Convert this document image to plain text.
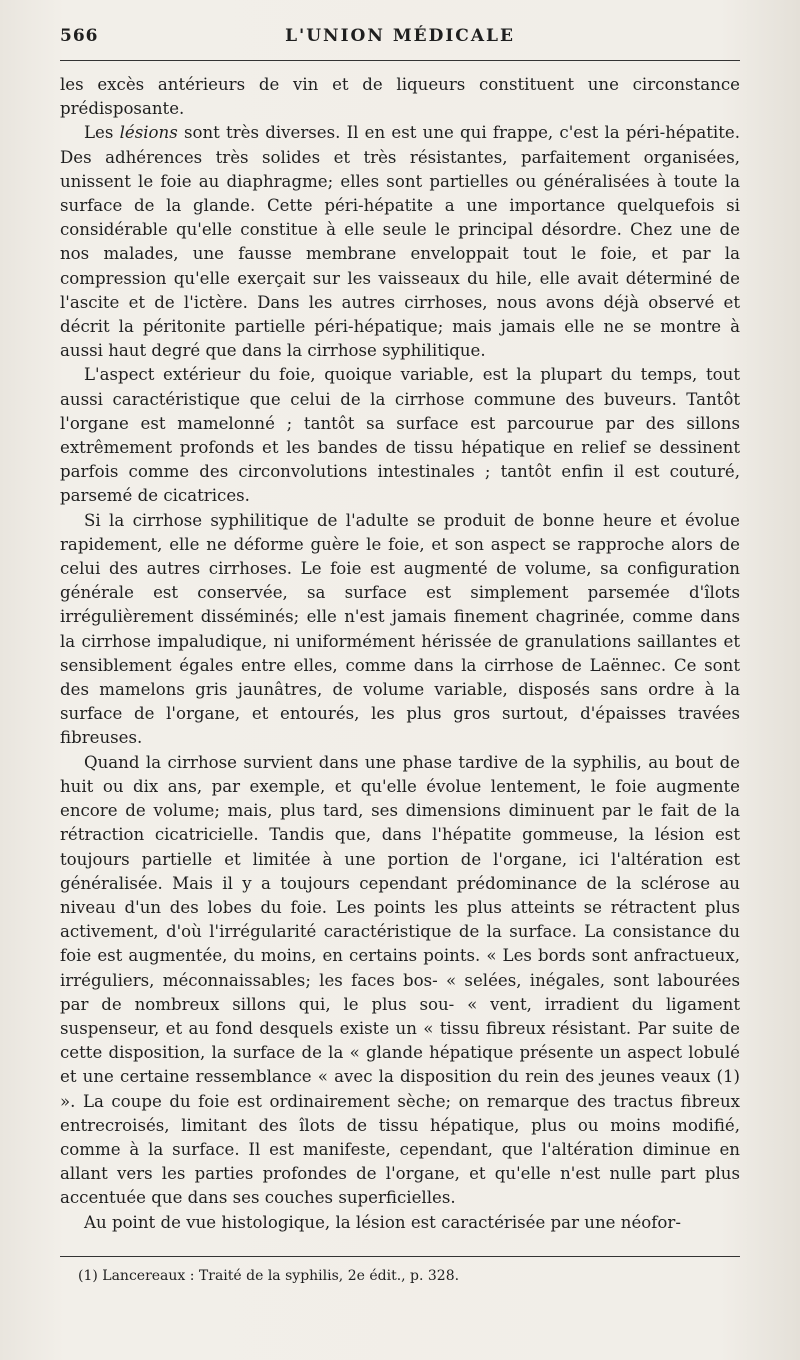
566	L'UNION MÉDICALE

les excès antérieurs de vin et de liqueurs constituent une circonstance prédisposante.

Les lésions sont très diverses. Il en est une qui frappe, c'est la péri-hépatite. Des adhérences très solides et très résistantes, parfaitement organisées, unissent le foie au diaphragme; elles sont partielles ou généralisées à toute la surface de la glande. Cette péri-hépatite a une importance quelquefois si considérable qu'elle constitue à elle seule le principal désordre. Chez une de nos malades, une fausse membrane enveloppait tout le foie, et par la compression qu'elle exerçait sur les vaisseaux du hile, elle avait déterminé de l'ascite et de l'ictère. Dans les autres cirrhoses, nous avons déjà observé et décrit la péritonite partielle péri-hépatique; mais jamais elle ne se montre à aussi haut degré que dans la cirrhose syphilitique.

L'aspect extérieur du foie, quoique variable, est la plupart du temps, tout aussi caractéristique que celui de la cirrhose commune des buveurs. Tantôt l'organe est mamelonné ; tantôt sa surface est parcourue par des sillons extrêmement profonds et les bandes de tissu hépatique en relief se dessinent parfois comme des circonvolutions intestinales ; tantôt enfin il est couturé, parsemé de cicatrices.

Si la cirrhose syphilitique de l'adulte se produit de bonne heure et évolue rapidement, elle ne déforme guère le foie, et son aspect se rapproche alors de celui des autres cirrhoses. Le foie est augmenté de volume, sa configuration générale est conservée, sa surface est simplement parsemée d'îlots irrégulièrement disséminés; elle n'est jamais finement chagrinée, comme dans la cirrhose impaludique, ni uniformément hérissée de granulations saillantes et sensiblement égales entre elles, comme dans la cirrhose de Laënnec. Ce sont des mamelons gris jaunâtres, de volume variable, disposés sans ordre à la surface de l'organe, et entourés, les plus gros surtout, d'épaisses travées fibreuses.

Quand la cirrhose survient dans une phase tardive de la syphilis, au bout de huit ou dix ans, par exemple, et qu'elle évolue lentement, le foie augmente encore de volume; mais, plus tard, ses dimensions diminuent par le fait de la rétraction cicatricielle. Tandis que, dans l'hépatite gommeuse, la lésion est toujours partielle et limitée à une portion de l'organe, ici l'altération est généralisée. Mais il y a toujours cependant prédominance de la sclérose au niveau d'un des lobes du foie. Les points les plus atteints se rétractent plus activement, d'où l'irrégularité caractéristique de la surface. La consistance du foie est augmentée, du moins, en certains points. « Les bords sont anfractueux, irréguliers, méconnaissables; les faces bos- « selées, inégales, sont labourées par de nombreux sillons qui, le plus sou- « vent, irradient du ligament suspenseur, et au fond desquels existe un « tissu fibreux résistant. Par suite de cette disposition, la surface de la « glande hépatique présente un aspect lobulé et une certaine ressemblance « avec la disposition du rein des jeunes veaux (1) ». La coupe du foie est ordinairement sèche; on remarque des tractus fibreux entrecroisés, limitant des îlots de tissu hépatique, plus ou moins modifié, comme à la surface. Il est manifeste, cependant, que l'altération diminue en allant vers les parties profondes de l'organe, et qu'elle n'est nulle part plus accentuée que dans ses couches superficielles.

Au point de vue histologique, la lésion est caractérisée par une néofor-

(1) Lancereaux : Traité de la syphilis, 2e édit., p. 328.
